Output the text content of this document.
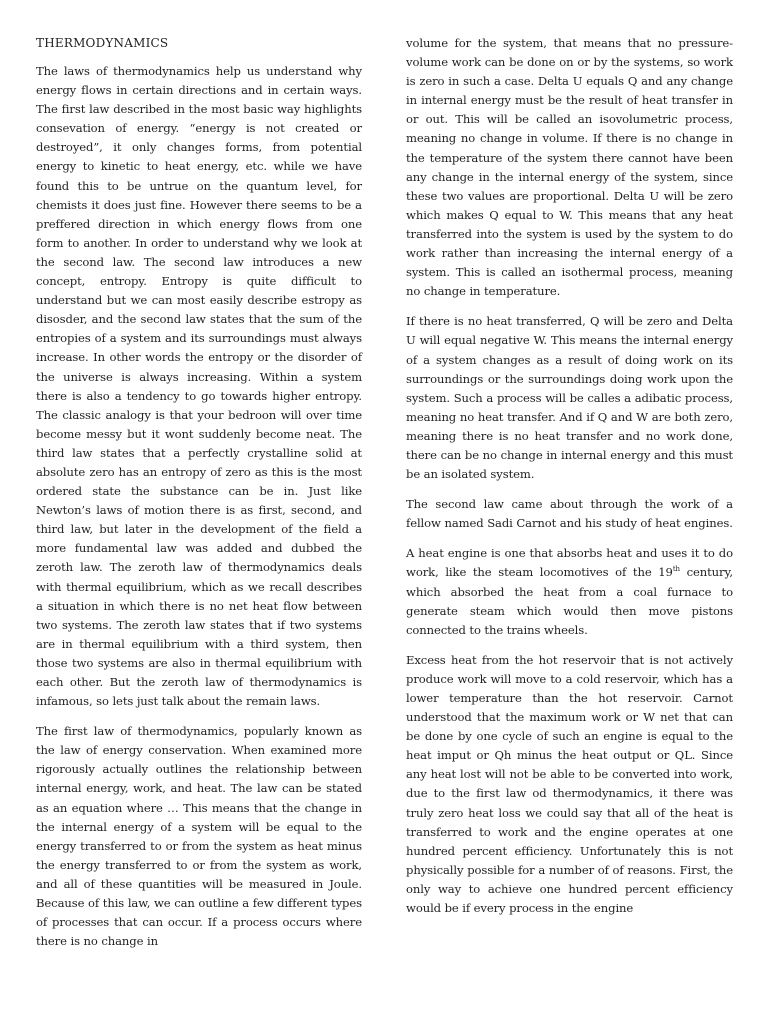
THERMODYNAMICS

The laws of thermodynamics help us understand why energy flows in certain directions and in certain ways. The first law described in the most basic way highlights consevation of energy. “energy is not created or destroyed”, it only changes forms, from potential energy to kinetic to heat energy, etc. while we have found this to be untrue on the quantum level, for chemists it does just fine. However there seems to be a preffered direction in which energy flows from one form to another. In order to understand why we look at the second law. The second law introduces a new concept, entropy. Entropy is quite difficult to understand but we can most easily describe estropy as disosder, and the second law states that the sum of the entropies of a system and its surroundings must always increase. In other words the entropy or the disorder of the universe is always increasing. Within a system there is also a tendency to go towards higher entropy. The classic analogy is that your bedroon will over time become messy but it wont suddenly become neat. The third law states that a perfectly crystalline solid at absolute zero has an entropy of zero as this is the most ordered state the substance can be in. Just like Newton’s laws of motion there is as first, second, and third law, but later in the development of the field a more fundamental law was added and dubbed the zeroth law. The zeroth law of thermodynamics deals with thermal equilibrium, which as we recall describes a situation in which there is no net heat flow between two systems. The zeroth law states that if two systems are in thermal equilibrium with a third system, then those two systems are also in thermal equilibrium with each other. But the zeroth law of thermodynamics is infamous, so lets just talk about the remain laws.

The first law of thermodynamics, popularly known as the law of energy conservation. When examined more rigorously actually outlines the relationship between internal energy, work, and heat. The law can be stated as an equation where … This means that the change in the internal energy of a system will be equal to the energy transferred to or from the system as heat minus the energy transferred to or from the system as work, and all of these quantities will be measured in Joule. Because of this law, we can outline a few different types of processes that can occur. If a process occurs where there is no change in

volume for the system, that means that no pressure-volume work can be done on or by the systems, so work is zero in such a case. Delta U equals Q and any change in internal energy must be the result of heat transfer in or out. This will be called an isovolumetric process, meaning no change in volume. If there is no change in the temperature of the system there cannot have been any change in the internal energy of the system, since these two values are proportional. Delta U will be zero which makes Q equal to W. This means that any heat transferred into the system is used by the system to do work rather than increasing the internal energy of a system. This is called an isothermal process, meaning no change in temperature.

If there is no heat transferred, Q will be zero and Delta U will equal negative W. This means the internal energy of a system changes as a result of doing work on its surroundings or the surroundings doing work upon the system. Such a process will be calles a adibatic process, meaning no heat transfer. And if Q and W are both zero, meaning there is no heat transfer and no work done, there can be no change in internal energy and this must be an isolated system.

The second law came about through the work of a fellow named Sadi Carnot and his study of heat engines.

A heat engine is one that absorbs heat and uses it to do work, like the steam locomotives of the 19th century, which absorbed the heat from a coal furnace to generate steam which would then move pistons connected to the trains wheels.

Excess heat from the hot reservoir that is not actively produce work will move to a cold reservoir, which has a lower temperature than the hot reservoir. Carnot understood that the maximum work or W net that can be done by one cycle of such an engine is equal to the heat imput or Qh minus the heat output or QL. Since any heat lost will not be able to be converted into work, due to the first law od thermodynamics, it there was truly zero heat loss we could say that all of the heat is transferred to work and the engine operates at one hundred percent efficiency. Unfortunately this is not physically possible for a number of of reasons. First, the only way to achieve one hundred percent efficiency would be if every process in the engine
